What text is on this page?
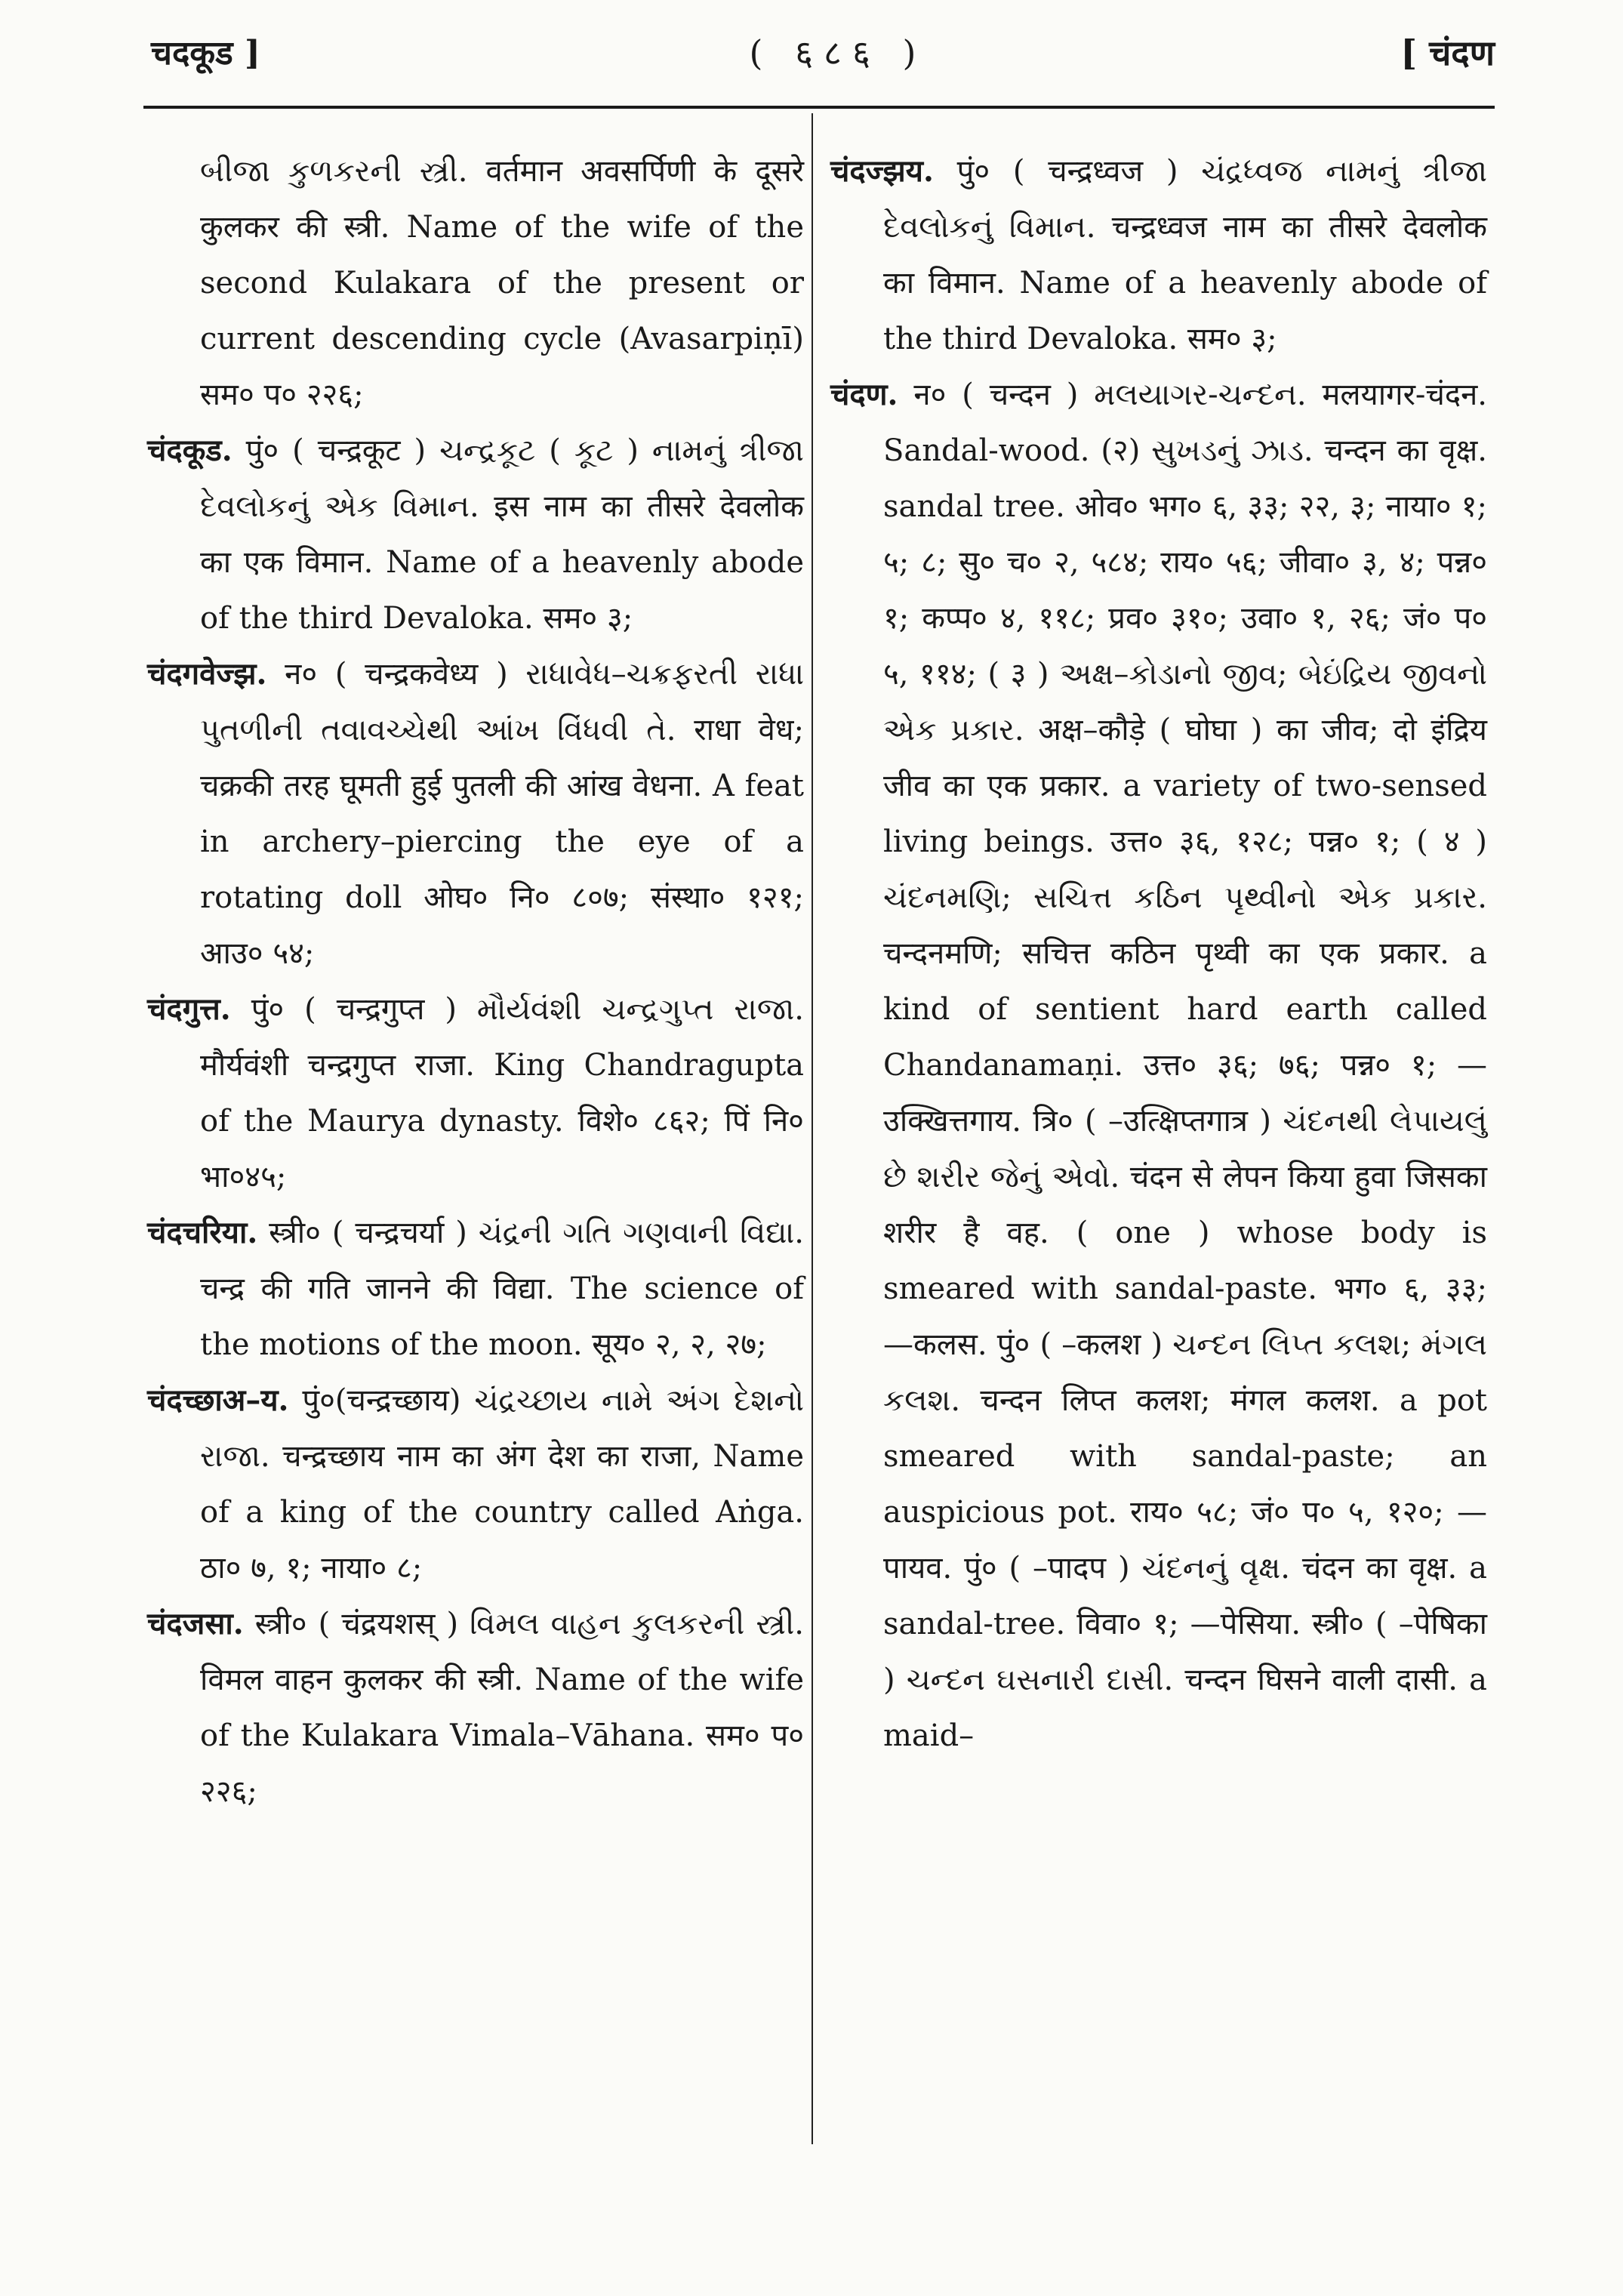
चदकूड ]	( ६८६ )	[ चंदण

બીજા કુળકરની સ્ત્રી. वर्तमान अवसर्पिणी के दूसरे कुलकर की स्त्री. Name of the wife of the second Kulakara of the present or current descending cycle (Avasarpiṇī) सम० प० २२६;

चंदकूड. पुं० ( चन्द्रकूट ) ચન્દ્રકૂટ ( કૂટ ) નામનું ત્રીજા દેવલોકનું એક વિમાન. इस नाम का तीसरे देवलोक का एक विमान. Name of a heavenly abode of the third Devaloka. सम० ३;

चंदगवेज्झ. न० ( चन्द्रकवेध्य ) રાધાવેધ–ચક્રફરતી રાધા પુતળીની તવાવચ્ચેથી આંખ વિંધવી તે. राधा वेध; चक्रकी तरह घूमती हुई पुतली की आंख वेधना. A feat in archery–piercing the eye of a rotating doll ओघ० नि० ८०७; संस्था० १२१; आउ० ५४;

चंदगुत्त. पुं० ( चन्द्रगुप्त ) મૌર્યવંશી ચન્દ્રગુપ્ત રાજા. मौर्यवंशी चन्द्रगुप्त राजा. King Chandragupta of the Maurya dynasty. विशे० ८६२; पिं नि० भा०४५;

चंदचरिया. स्त्री० ( चन्द्रचर्या ) ચંદ્રની ગતિ ગણવાની વિદ્યા. चन्द्र की गति जानने की विद्या. The science of the motions of the moon. सूय० २, २, २७;

चंदच्छाअ–य. पुं०(चन्द्रच्छाय) ચંદ્રચ્છાય નામે અંગ દેશનો રાજા. चन्द्रच्छाय नाम का अंग देश का राजा, Name of a king of the country called Aṅga. ठा० ७, १; नाया० ८;

चंदजसा. स्त्री० ( चंद्रयशस् ) વિમલ વાહન કુલકરની સ્ત્રી. विमल वाहन कुलकर की स्त्री. Name of the wife of the Kulakara Vimala–Vāhana. सम० प० २२६;

चंदज्झय. पुं० ( चन्द्रध्वज ) ચંદ્રધ્વજ નામનું ત્રીજા દેવલોકનું વિમાન. चन्द्रध्वज नाम का तीसरे देवलोक का विमान. Name of a heavenly abode of the third Devaloka. सम० ३;

चंदण. न० ( चन्दन ) મલયાગર-ચન્દન. मलयागर-चंदन. Sandal-wood. (२) સુખડનું ઝાડ. चन्दन का वृक्ष. sandal tree. ओव० भग० ६, ३३; २२, ३; नाया० १; ५; ८; सु० च० २, ५८४; राय० ५६; जीवा० ३, ४; पन्न० १; कप्प० ४, ११८; प्रव० ३१०; उवा० १, २६; जं० प० ५, ११४; ( ३ ) અક્ષ–કોડાનો જીવ; બેઇંદ્રિય જીવનો એક પ્રકાર. अक्ष–कौड़े ( घोघा ) का जीव; दो इंद्रिय जीव का एक प्रकार. a variety of two-sensed living beings. उत्त० ३६, १२८; पन्न० १; ( ४ ) ચંદનમણિ; સચિત્ત કઠિન પૃથ્વીનો એક પ્રકાર. चन्दनमणि; सचित्त कठिन पृथ्वी का एक प्रकार. a kind of sentient hard earth called Chandanamaṇi. उत्त० ३६; ७६; पन्न० १; —उक्खित्तगाय. त्रि० ( –उत्क्षिप्तगात्र ) ચંદનથી લેપાયલું છે શરીર જેનું એવો. चंदन से लेपन किया हुवा जिसका शरीर है वह. ( one ) whose body is smeared with sandal-paste. भग० ६, ३३; —कलस. पुं० ( –कलश ) ચન્દન લિપ્ત કલશ; મંગલ કલશ. चन्दन लिप्त कलश; मंगल कलश. a pot smeared with sandal-paste; an auspicious pot. राय० ५८; जं० प० ५, १२०; —पायव. पुं० ( –पादप ) ચંદનનું વૃક્ષ. चंदन का वृक्ष. a sandal-tree. विवा० १; —पेसिया. स्त्री० ( –पेषिका ) ચન્દન ઘસનારી દાસી. चन्दन घिसने वाली दासी. a maid–
